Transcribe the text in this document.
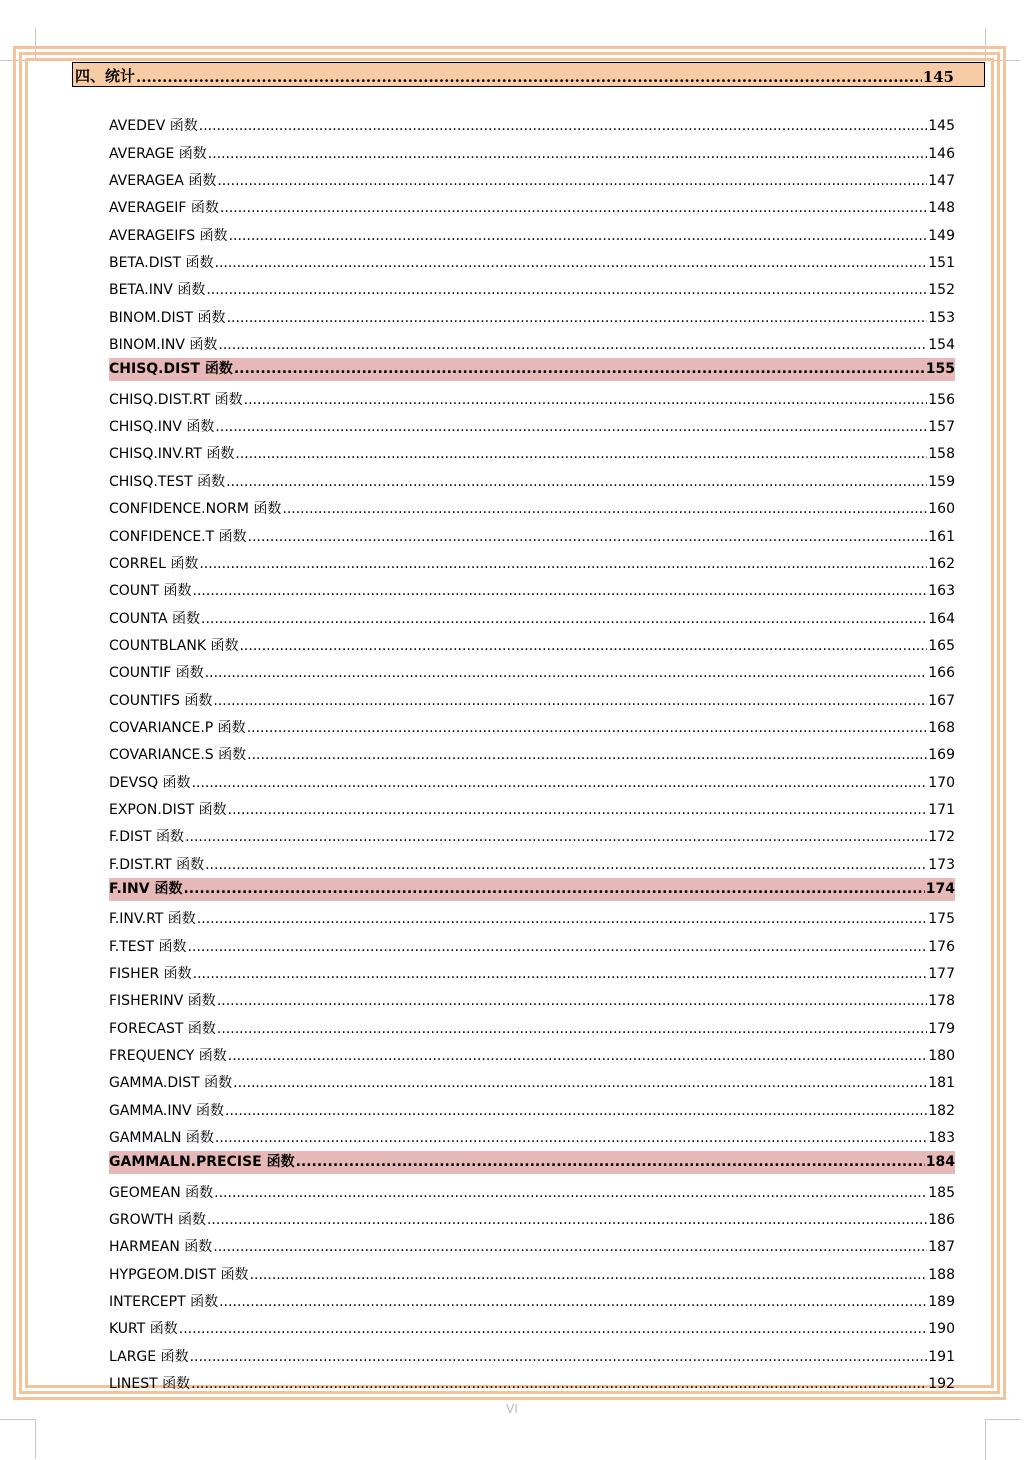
VI
四、统计 .....	145
AVEDEV 函数 .....	145
AVERAGE 函数 .....	146
AVERAGEA 函数 .....	147
AVERAGEIF 函数 .....	148
AVERAGEIFS 函数 .....	149
BETA.DIST 函数 .....	151
BETA.INV 函数 .....	152
BINOM.DIST 函数 .....	153
BINOM.INV 函数 .....	154
CHISQ.DIST 函数 .....	155
CHISQ.DIST.RT 函数 .....	156
CHISQ.INV 函数 .....	157
CHISQ.INV.RT 函数 .....	158
CHISQ.TEST 函数 .....	159
CONFIDENCE.NORM 函数 .....	160
CONFIDENCE.T 函数 .....	161
CORREL 函数 .....	162
COUNT 函数 .....	163
COUNTA 函数 .....	164
COUNTBLANK 函数 .....	165
COUNTIF 函数 .....	166
COUNTIFS 函数 .....	167
COVARIANCE.P 函数 .....	168
COVARIANCE.S 函数 .....	169
DEVSQ 函数 .....	170
EXPON.DIST 函数 .....	171
F.DIST 函数 .....	172
F.DIST.RT 函数 .....	173
F.INV 函数 .....	174
F.INV.RT 函数 .....	175
F.TEST 函数 .....	176
FISHER 函数 .....	177
FISHERINV 函数 .....	178
FORECAST 函数 .....	179
FREQUENCY 函数 .....	180
GAMMA.DIST 函数 .....	181
GAMMA.INV 函数 .....	182
GAMMALN 函数 .....	183
GAMMALN.PRECISE 函数 .....	184
GEOMEAN 函数 .....	185
GROWTH 函数 .....	186
HARMEAN 函数 .....	187
HYPGEOM.DIST 函数 .....	188
INTERCEPT 函数 .....	189
KURT 函数 .....	190
LARGE 函数 .....	191
LINEST 函数 .....	192
